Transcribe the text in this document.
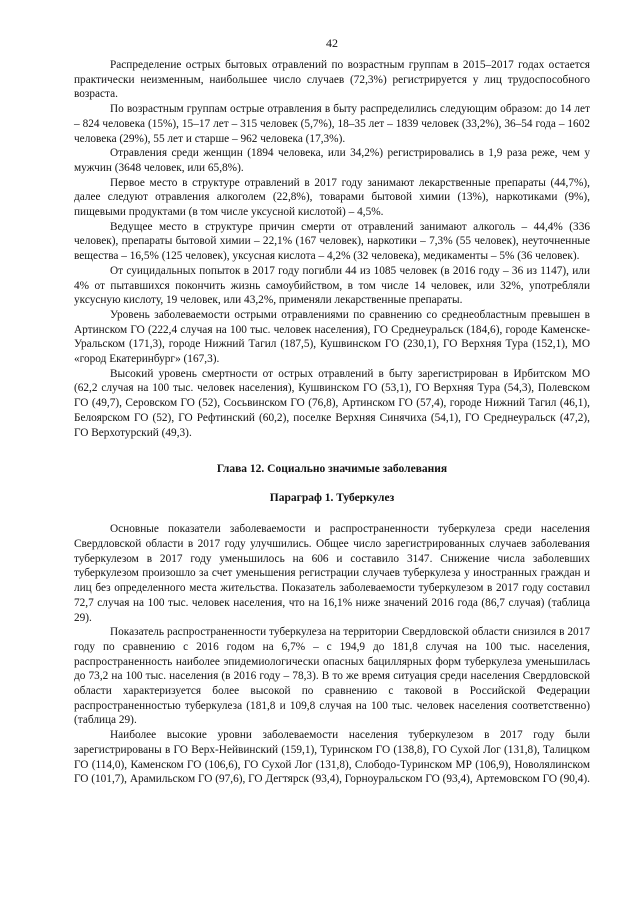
42

Распределение острых бытовых отравлений по возрастным группам в 2015–2017 годах остается практически неизменным, наибольшее число случаев (72,3%) регистрируется у лиц трудоспособного возраста.

По возрастным группам острые отравления в быту распределились следующим образом: до 14 лет – 824 человека (15%), 15–17 лет – 315 человек (5,7%), 18–35 лет – 1839 человек (33,2%), 36–54 года – 1602 человека (29%), 55 лет и старше – 962 человека (17,3%).

Отравления среди женщин (1894 человека, или 34,2%) регистрировались в 1,9 раза реже, чем у мужчин (3648 человек, или 65,8%).

Первое место в структуре отравлений в 2017 году занимают лекарственные препараты (44,7%), далее следуют отравления алкоголем (22,8%), товарами бытовой химии (13%), наркотиками (9%), пищевыми продуктами (в том числе уксусной кислотой) – 4,5%.

Ведущее место в структуре причин смерти от отравлений занимают алкоголь – 44,4% (336 человек), препараты бытовой химии – 22,1% (167 человек), наркотики – 7,3% (55 человек), неуточненные вещества – 16,5% (125 человек), уксусная кислота – 4,2% (32 человека), медикаменты – 5% (36 человек).

От суицидальных попыток в 2017 году погибли 44 из 1085 человек (в 2016 году – 36 из 1147), или 4% от пытавшихся покончить жизнь самоубийством, в том числе 14 человек, или 32%, употребляли уксусную кислоту, 19 человек, или 43,2%, применяли лекарственные препараты.

Уровень заболеваемости острыми отравлениями по сравнению со среднеобластным превышен в Артинском ГО (222,4 случая на 100 тыс. человек населения), ГО Среднеуральск (184,6), городе Каменске-Уральском (171,3), городе Нижний Тагил (187,5), Кушвинском ГО (230,1), ГО Верхняя Тура (152,1), МО «город Екатеринбург» (167,3).

Высокий уровень смертности от острых отравлений в быту зарегистрирован в Ирбитском МО (62,2 случая на 100 тыс. человек населения), Кушвинском ГО (53,1), ГО Верхняя Тура (54,3), Полевском ГО (49,7), Серовском ГО (52), Сосьвинском ГО (76,8), Артинском ГО (57,4), городе Нижний Тагил (46,1), Белоярском ГО (52), ГО Рефтинский (60,2), поселке Верхняя Синячиха (54,1), ГО Среднеуральск (47,2), ГО Верхотурский (49,3).

Глава 12. Социально значимые заболевания
Параграф 1. Туберкулез

Основные показатели заболеваемости и распространенности туберкулеза среди населения Свердловской области в 2017 году улучшились. Общее число зарегистрированных случаев заболевания туберкулезом в 2017 году уменьшилось на 606 и составило 3147. Снижение числа заболевших туберкулезом произошло за счет уменьшения регистрации случаев туберкулеза у иностранных граждан и лиц без определенного места жительства. Показатель заболеваемости туберкулезом в 2017 году составил 72,7 случая на 100 тыс. человек населения, что на 16,1% ниже значений 2016 года (86,7 случая) (таблица 29).

Показатель распространенности туберкулеза на территории Свердловской области снизился в 2017 году по сравнению с 2016 годом на 6,7% – с 194,9 до 181,8 случая на 100 тыс. населения, распространенность наиболее эпидемиологически опасных бациллярных форм туберкулеза уменьшилась до 73,2 на 100 тыс. населения (в 2016 году – 78,3). В то же время ситуация среди населения Свердловской области характеризуется более высокой по сравнению с таковой в Российской Федерации распространенностью туберкулеза (181,8 и 109,8 случая на 100 тыс. человек населения соответственно) (таблица 29).

Наиболее высокие уровни заболеваемости населения туберкулезом в 2017 году были зарегистрированы в ГО Верх-Нейвинский (159,1), Туринском ГО (138,8), ГО Сухой Лог (131,8), Талицком ГО (114,0), Каменском ГО (106,6), ГО Сухой Лог (131,8), Слободо-Туринском МР (106,9), Новолялинском ГО (101,7), Арамильском ГО (97,6), ГО Дегтярск (93,4), Горноуральском ГО (93,4), Артемовском ГО (90,4).
